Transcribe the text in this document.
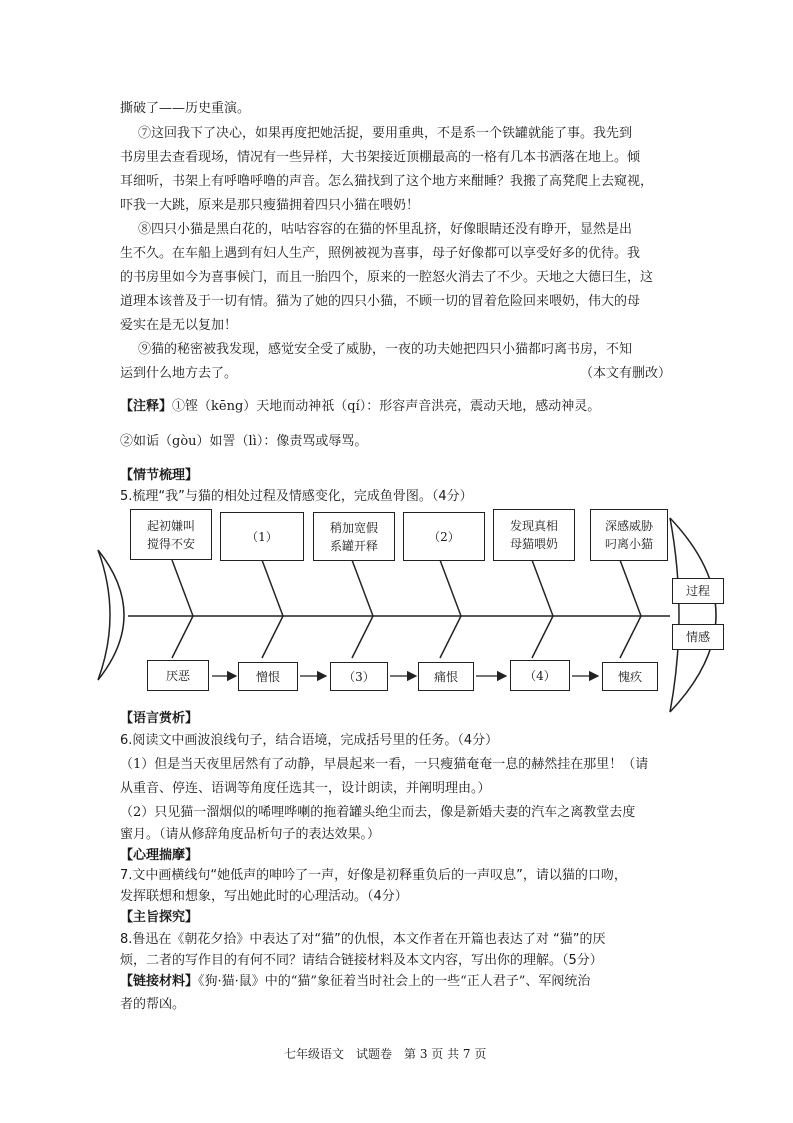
撕破了——历史重演。
⑦这回我下了决心，如果再度把她活捉，要用重典，不是系一个铁罐就能了事。我先到
书房里去查看现场，情况有一些异样，大书架接近顶棚最高的一格有几本书洒落在地上。倾
耳细听，书架上有呼噜呼噜的声音。怎么猫找到了这个地方来酣睡？我搬了高凳爬上去窥视，
吓我一大跳，原来是那只瘦猫拥着四只小猫在喂奶！
⑧四只小猫是黑白花的，咕咕容容的在猫的怀里乱挤，好像眼睛还没有睁开，显然是出
生不久。在车船上遇到有妇人生产，照例被视为喜事，母子好像都可以享受好多的优待。我
的书房里如今为喜事候门，而且一胎四个，原来的一腔怒火消去了不少。天地之大德曰生，这
道理本该普及于一切有情。猫为了她的四只小猫，不顾一切的冒着危险回来喂奶，伟大的母
爱实在是无以复加！
⑨猫的秘密被我发现，感觉安全受了威胁，一夜的功夫她把四只小猫都叼离书房，不知
运到什么地方去了。	（本文有删改）
【注释】①铿（kēng）天地而动神祇（qí）：形容声音洪亮，震动天地，感动神灵。
②如诟（gòu）如詈（lì）：像责骂或辱骂。
【情节梳理】
5.梳理“我”与猫的相处过程及情感变化，完成鱼骨图。（4分）
起初嫌叫
搅得不安	（1）
稍加宽假
系罐开释
（2）
发现真相
母猫喂奶
深感威胁
叼离小猫
过程
情感
厌恶	憎恨	（3）	痛恨	（4）	愧疚
【语言赏析】
6.阅读文中画波浪线句子，结合语境，完成括号里的任务。（4分）
（1）但是当天夜里居然有了动静，早晨起来一看，一只瘦猫奄奄一息的赫然挂在那里！（请
从重音、停连、语调等角度任选其一，设计朗读，并阐明理由。）
（2）只见猫一溜烟似的唏哩哗喇的拖着罐头绝尘而去，像是新婚夫妻的汽车之离教堂去度
蜜月。（请从修辞角度品析句子的表达效果。）
【心理揣摩】
7.文中画横线句“她低声的呻吟了一声，好像是初释重负后的一声叹息”，请以猫的口吻，
发挥联想和想象，写出她此时的心理活动。（4分）
【主旨探究】
8.鲁迅在《朝花夕拾》中表达了对“猫”的仇恨，本文作者在开篇也表达了对 “猫”的厌
烦，二者的写作目的有何不同？请结合链接材料及本文内容，写出你的理解。（5分）
【链接材料】《狗·猫·鼠》中的“猫”象征着当时社会上的一些“正人君子”、军阀统治
者的帮凶。
七年级语文　试题卷　第 3 页 共 7 页
